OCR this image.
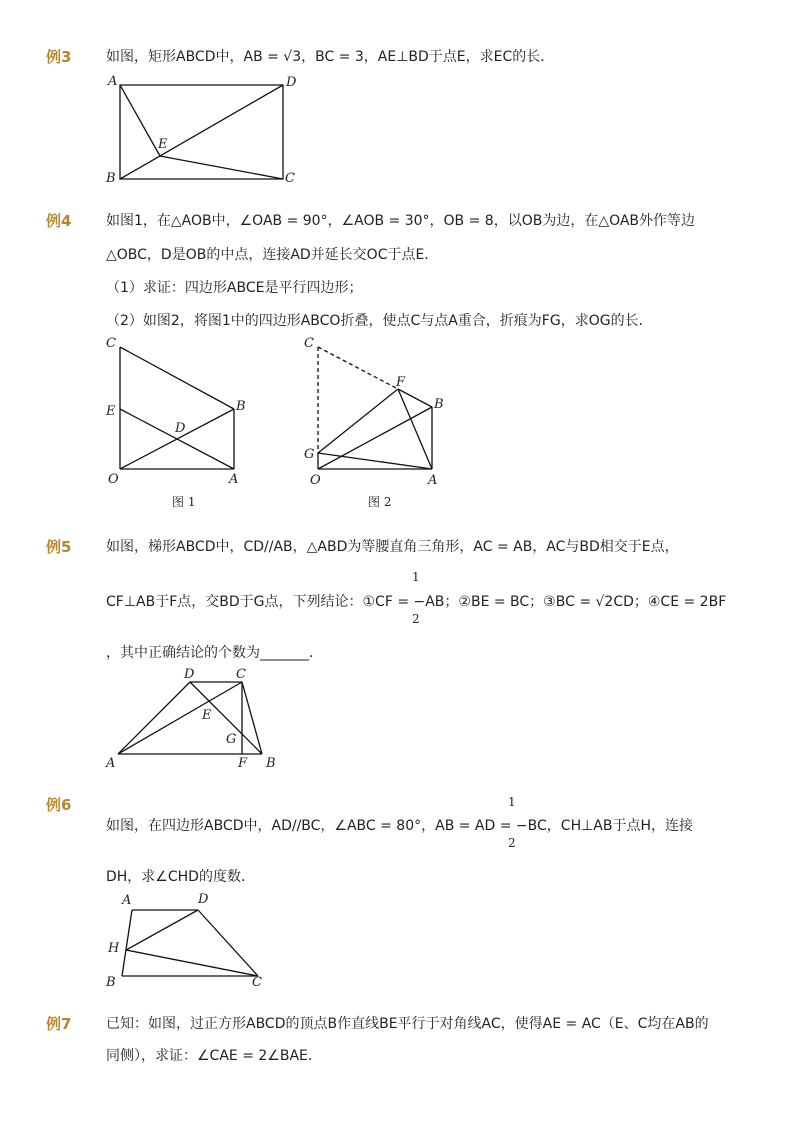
例3 如图，矩形ABCD中，AB = √3，BC = 3，AE⊥BD于点E，求EC的长．
A	D
B	C
E
例4 如图1，在△AOB中，∠OAB = 90°，∠AOB = 30°，OB = 8，以OB为边，在△OAB外作等边
△OBC，D是OB的中点，连接AD并延长交OC于点E．
（1）求证：四边形ABCE是平行四边形；
（2）如图2，将图1中的四边形ABCO折叠，使点C与点A重合，折痕为FG，求OG的长．
C
E
D
B
O	A
图 1
C
F
B
G
O	A
图 2
例5 如图，梯形ABCD中，CD//AB，△ABD为等腰直角三角形，AC = AB，AC与BD相交于E点，
1
CF⊥AB于F点，交BD于G点，下列结论：①CF = −AB；②BE = BC；③BC = √2CD；④CE = 2BF
2
，其中正确结论的个数为_______．
D	C
E
G
A	F B
例6	1
如图，在四边形ABCD中，AD//BC，∠ABC = 80°，AB = AD = −BC，CH⊥AB于点H，连接
2
DH，求∠CHD的度数．
A	D
H
B	C
例7 已知：如图，过正方形ABCD的顶点B作直线BE平行于对角线AC，使得AE = AC（E、C均在AB的
同侧），求证：∠CAE = 2∠BAE．
